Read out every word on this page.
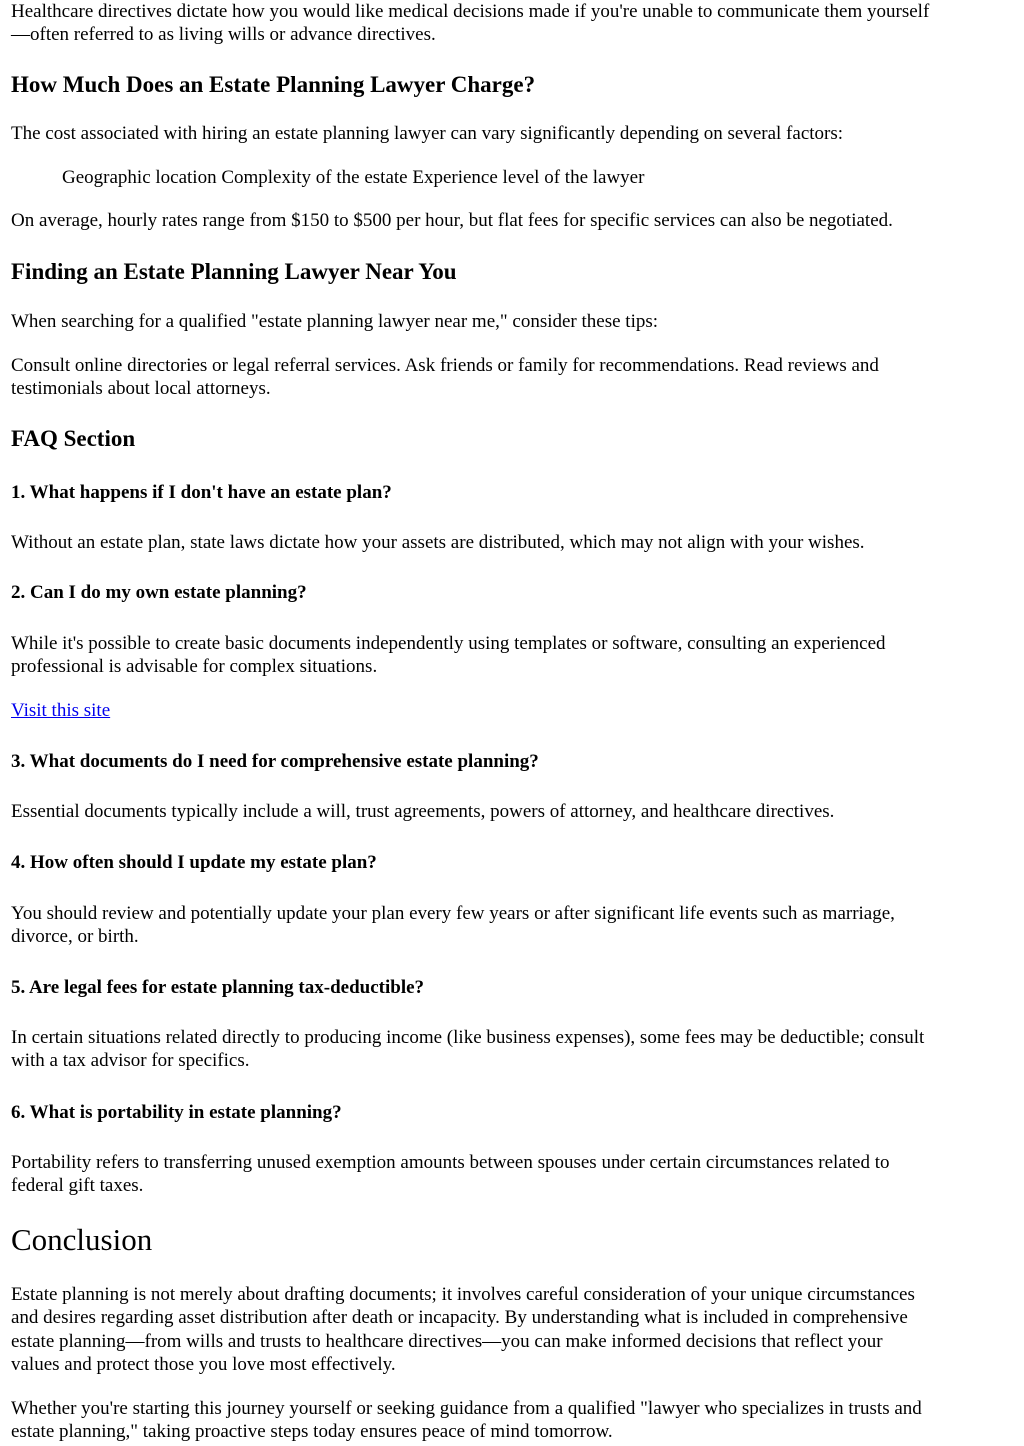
Healthcare directives dictate how you would like medical decisions made if you're unable to communicate them yourself

—often referred to as living wills or advance directives.

How Much Does an Estate Planning Lawyer Charge?

The cost associated with hiring an estate planning lawyer can vary significantly depending on several factors:

Geographic location Complexity of the estate Experience level of the lawyer

On average, hourly rates range from $150 to $500 per hour, but flat fees for specific services can also be negotiated.

Finding an Estate Planning Lawyer Near You

When searching for a qualified "estate planning lawyer near me," consider these tips:

Consult online directories or legal referral services. Ask friends or family for recommendations. Read reviews and

testimonials about local attorneys.

FAQ Section
1. What happens if I don't have an estate plan?

Without an estate plan, state laws dictate how your assets are distributed, which may not align with your wishes.

2. Can I do my own estate planning?

While it's possible to create basic documents independently using templates or software, consulting an experienced

professional is advisable for complex situations.

Visit this site
3. What documents do I need for comprehensive estate planning?

Essential documents typically include a will, trust agreements, powers of attorney, and healthcare directives.

4. How often should I update my estate plan?

You should review and potentially update your plan every few years or after significant life events such as marriage,

divorce, or birth.

5. Are legal fees for estate planning tax-deductible?

In certain situations related directly to producing income (like business expenses), some fees may be deductible; consult

with a tax advisor for specifics.

6. What is portability in estate planning?

Portability refers to transferring unused exemption amounts between spouses under certain circumstances related to

federal gift taxes.

Conclusion

Estate planning is not merely about drafting documents; it involves careful consideration of your unique circumstances

and desires regarding asset distribution after death or incapacity. By understanding what is included in comprehensive

estate planning—from wills and trusts to healthcare directives—you can make informed decisions that reflect your

values and protect those you love most effectively.

Whether you're starting this journey yourself or seeking guidance from a qualified "lawyer who specializes in trusts and

estate planning," taking proactive steps today ensures peace of mind tomorrow.
